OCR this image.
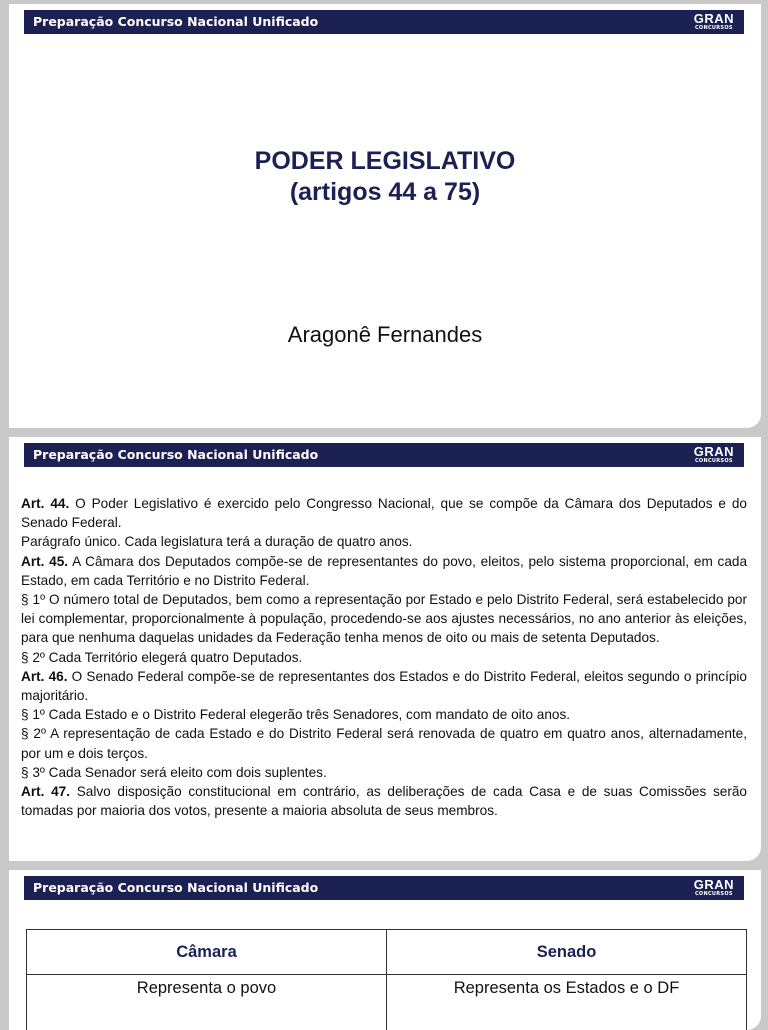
Preparação Concurso Nacional Unificado	GRAN
CONCURSOS
PODER LEGISLATIVO
(artigos 44 a 75)
Aragonê Fernandes
Preparação Concurso Nacional Unificado	GRAN
CONCURSOS

Art. 44. O Poder Legislativo é exercido pelo Congresso Nacional, que se compõe da Câmara dos Deputados e do Senado Federal.

Parágrafo único. Cada legislatura terá a duração de quatro anos.

Art. 45. A Câmara dos Deputados compõe-se de representantes do povo, eleitos, pelo sistema proporcional, em cada Estado, em cada Território e no Distrito Federal.

§ 1º O número total de Deputados, bem como a representação por Estado e pelo Distrito Federal, será estabelecido por lei complementar, proporcionalmente à população, procedendo-se aos ajustes necessários, no ano anterior às eleições, para que nenhuma daquelas unidades da Federação tenha menos de oito ou mais de setenta Deputados.

§ 2º Cada Território elegerá quatro Deputados.

Art. 46. O Senado Federal compõe-se de representantes dos Estados e do Distrito Federal, eleitos segundo o princípio majoritário.

§ 1º Cada Estado e o Distrito Federal elegerão três Senadores, com mandato de oito anos.

§ 2º A representação de cada Estado e do Distrito Federal será renovada de quatro em quatro anos, alternadamente, por um e dois terços.

§ 3º Cada Senador será eleito com dois suplentes.

Art. 47. Salvo disposição constitucional em contrário, as deliberações de cada Casa e de suas Comissões serão tomadas por maioria dos votos, presente a maioria absoluta de seus membros.

Preparação Concurso Nacional Unificado	GRAN
CONCURSOS
Câmara	Senado
Representa o povo	Representa os Estados e o DF
